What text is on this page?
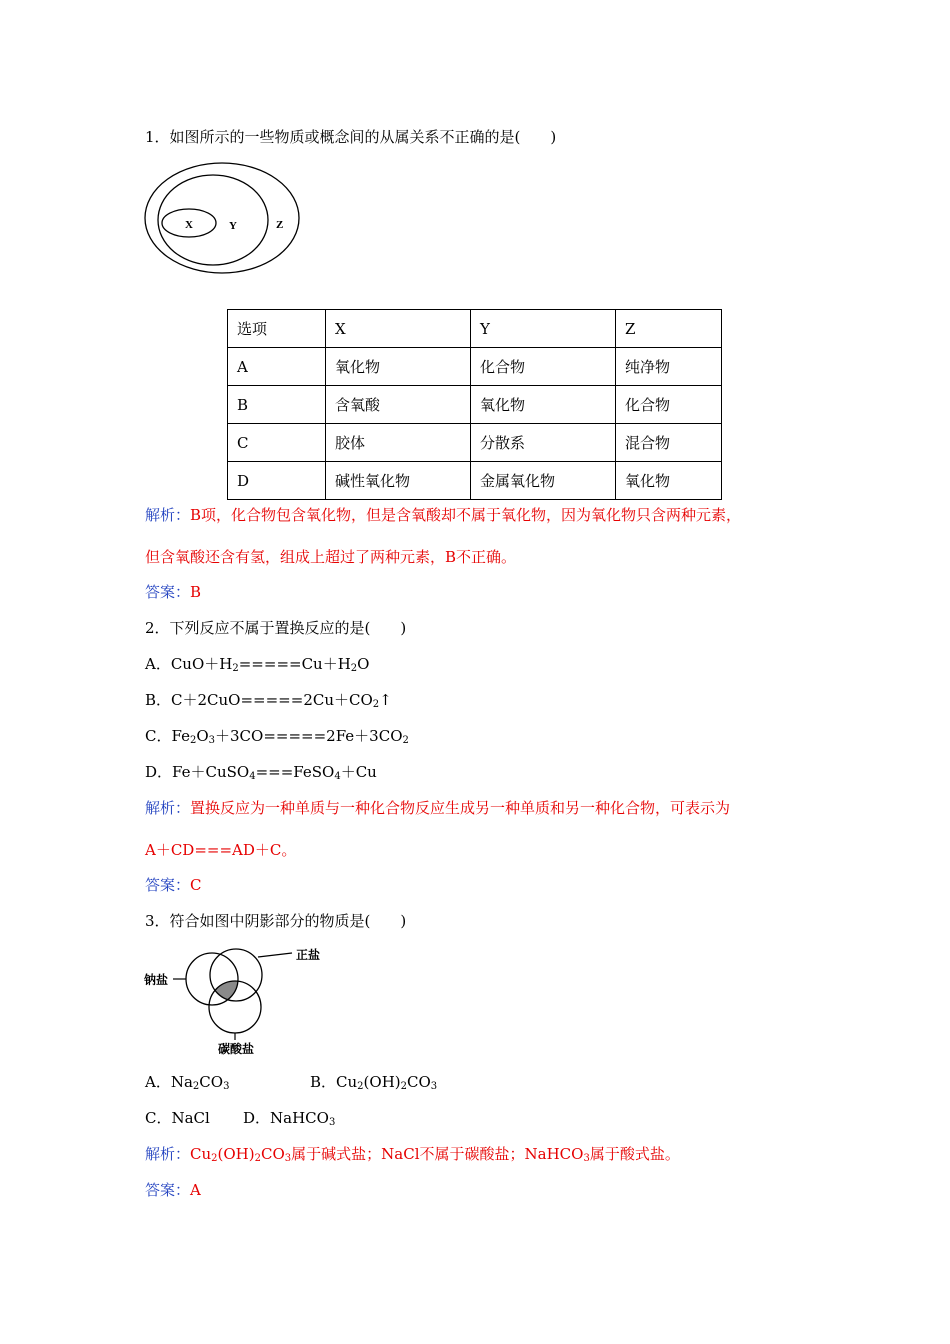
1．如图所示的一些物质或概念间的从属关系不正确的是(　　)
X	Y	Z
选项	X	Y	Z
A	氧化物	化合物	纯净物
B	含氧酸	氧化物	化合物
C	胶体	分散系	混合物
D	碱性氧化物	金属氧化物	氧化物
解析：B项，化合物包含氧化物，但是含氧酸却不属于氧化物，因为氧化物只含两种元素，
但含氧酸还含有氢，组成上超过了两种元素，B不正确。
答案：B
2．下列反应不属于置换反应的是(　　)
A．$CuO+H_2=====Cu+H_2O$
B．$C+2CuO=====2Cu+CO_2↑$
C．$Fe_2O_3+3CO=====2Fe+3CO_2$
D．Fe＋CuSO$_4$===FeSO$_4$＋Cu
解析：置换反应为一种单质与一种化合物反应生成另一种单质和另一种化合物，可表示为
A＋CD===AD＋C。
答案：C
3．符合如图中阴影部分的物质是(　　)
钠盐
正盐
碳酸盐
A．$Na_2CO_3$	B．$Cu_2(OH)_2CO_3$
C．NaCl D．NaHCO$_3$
解析：$Cu_2(OH)_2CO_3$属于碱式盐；NaCl不属于碳酸盐；NaHCO$_3$属于酸式盐。
答案：A
